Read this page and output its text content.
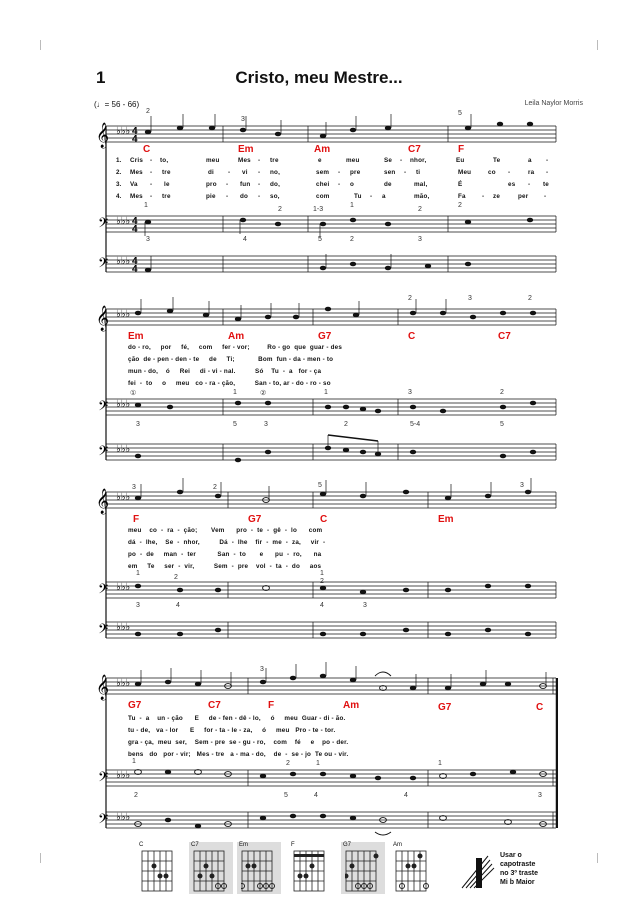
1	Cristo, meu Mestre...
(♩= 56 - 66)	Leila Naylor Morris
𝄞
𝄢
𝄢
♭♭♭
♭♭♭
♭♭♭
4
4
4
4
4
4
C	Em	Am	C7	F
1.
2.
3.
4.
Cris - to,	meu	Mes - tre	e	meu	Se - nhor,	Eu	Te	a -
Mes - tre	di - vi - no,	sem - pre	sen - ti	Meu	co -	ra -
Va - le	pro - fun - do,	chei - o	de	mal,	É	es - te
Mes - tre	pie - do - so,	com	Tu - a	mão,	Fa	- ze	per -
2
3
5
1
2	1-3
1
2
2
3	4	5	2	3
𝄞
𝄢
𝄢
♭♭♭
♭♭♭
♭♭♭
Em	Am	G7	C	C7
do - ro,     por     fé,     com     fer - vor;         Ro - go  que  guar - des
ção  de - pen - den - te     de     Ti;            Bom  fun - da - men - to
mun - do,    ó     Rei     di - vi - nal.          Só    Tu  -  a   for - ça
fei  -  to     o     meu   co - ra - ção,          San - to, ar - do - ro - so
2	3	2
①	1	②	1	3	2
3	5	3	2	5-4	5
𝄞
𝄢
𝄢
♭♭♭
♭♭♭
♭♭♭
F	G7	C	Em
meu    co  -  ra  -  ção;       Vem      pro  -  te  -  gê  -  lo      com
dá  -  lhe,    Se  -  nhor,          Dá  -  lhe    fir  -  me  -  za,     vir  -
po  -  de     man  -  ter           San  -  to       e      pu  -  ro,      na
em     Te     ser  -  vir,          Sem  -  pre    vol  -  ta  -  do     aos
3	2	5	3
1
2
1
2
3	4	4	3
𝄞
𝄢
𝄢
♭♭♭
♭♭♭
♭♭♭
·
G7	C7	F	Am	G7	C
Tu  -  a    un - ção      E     de - fen - dê - lo,     ó     meu  Guar - di - ão.
tu - de,   va - lor      E     for - ta - le - za,     ó     meu   Pro - te - tor.
gra - ça,  meu  ser,    Sem - pre  se - gu - ro,    com    fé     e    po - der.
bens   do   por - vir;   Mes - tre   a - ma - do,    de  -  se - jo  Te ou - vir.
3
1	2	1	1
2	5	4	4	3
C	C7	Em	F	G7	Am
Usar o
capotraste
no 3º traste
Mi b Maior
